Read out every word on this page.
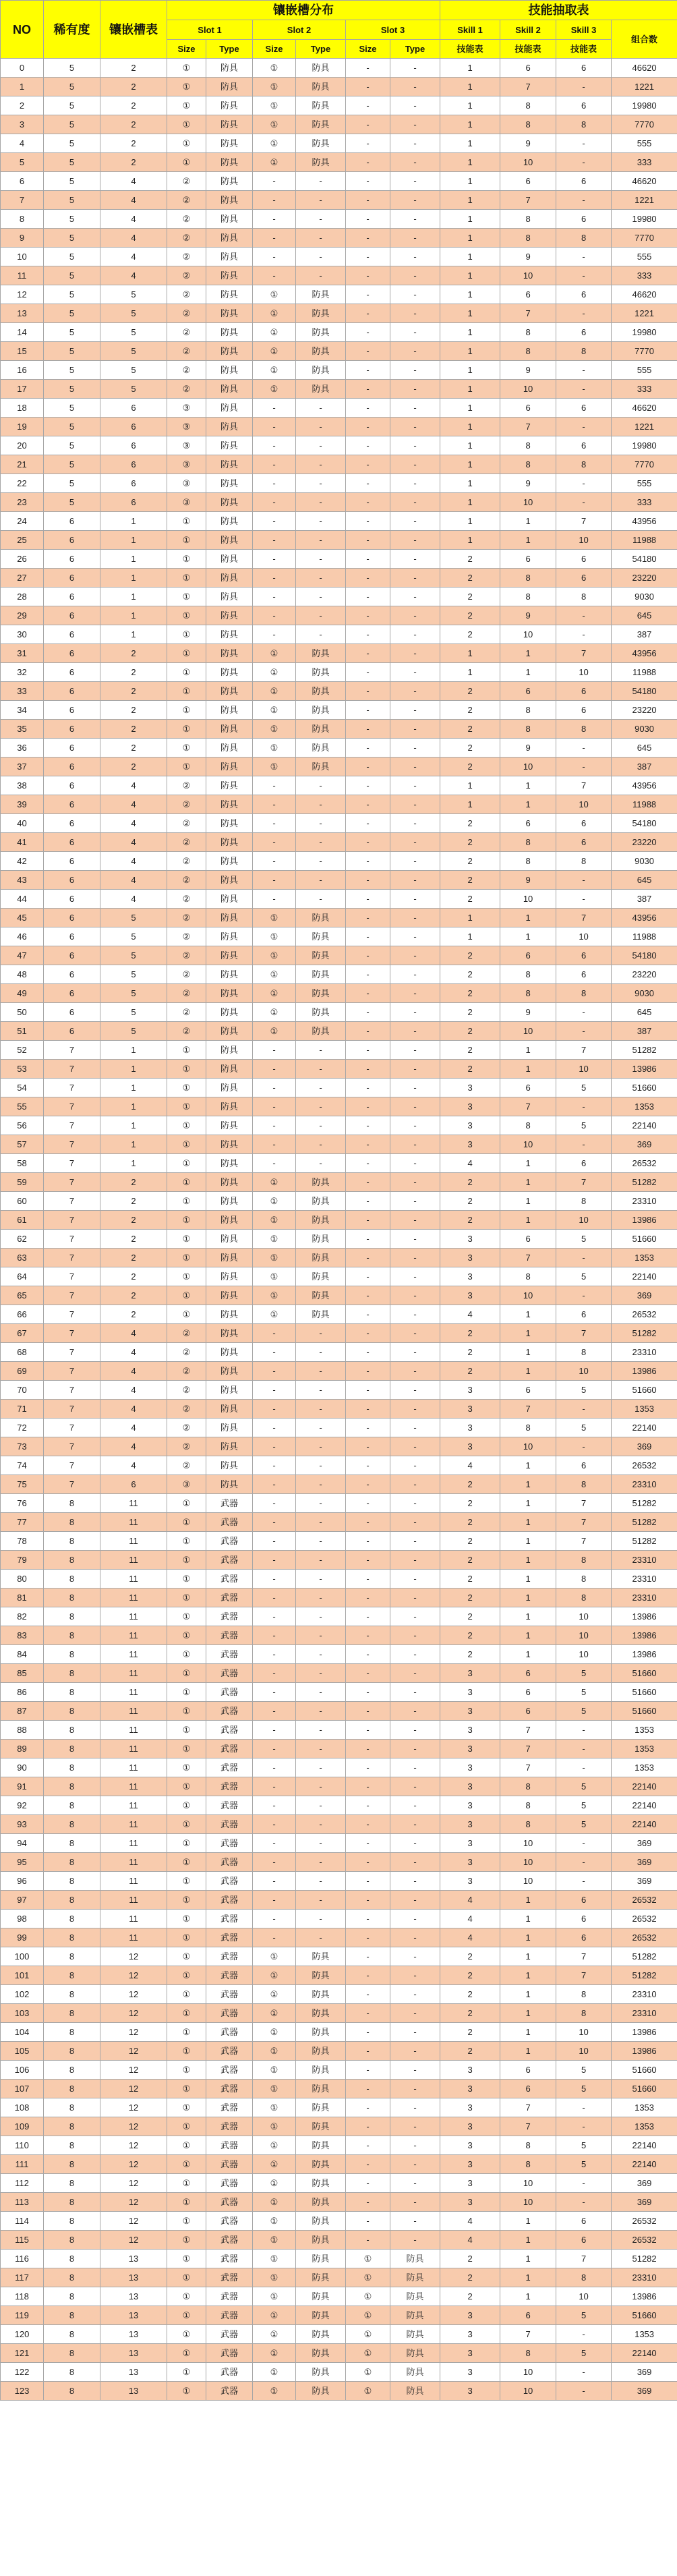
NO	稀有度	镶嵌槽表	镶嵌槽分布						技能抽取表			
			Slot 1		Slot 2		Slot 3		Skill 1	Skill 2	Skill 3	组合数
			Size	Type	Size	Type	Size	Type	技能表	技能表	技能表	
0	5	2	①	防具	①	防具	-	-	1	6	6	46620
1	5	2	①	防具	①	防具	-	-	1	7	-	1221
2	5	2	①	防具	①	防具	-	-	1	8	6	19980
3	5	2	①	防具	①	防具	-	-	1	8	8	7770
4	5	2	①	防具	①	防具	-	-	1	9	-	555
5	5	2	①	防具	①	防具	-	-	1	10	-	333
6	5	4	②	防具	-	-	-	-	1	6	6	46620
7	5	4	②	防具	-	-	-	-	1	7	-	1221
8	5	4	②	防具	-	-	-	-	1	8	6	19980
9	5	4	②	防具	-	-	-	-	1	8	8	7770
10	5	4	②	防具	-	-	-	-	1	9	-	555
11	5	4	②	防具	-	-	-	-	1	10	-	333
12	5	5	②	防具	①	防具	-	-	1	6	6	46620
13	5	5	②	防具	①	防具	-	-	1	7	-	1221
14	5	5	②	防具	①	防具	-	-	1	8	6	19980
15	5	5	②	防具	①	防具	-	-	1	8	8	7770
16	5	5	②	防具	①	防具	-	-	1	9	-	555
17	5	5	②	防具	①	防具	-	-	1	10	-	333
18	5	6	③	防具	-	-	-	-	1	6	6	46620
19	5	6	③	防具	-	-	-	-	1	7	-	1221
20	5	6	③	防具	-	-	-	-	1	8	6	19980
21	5	6	③	防具	-	-	-	-	1	8	8	7770
22	5	6	③	防具	-	-	-	-	1	9	-	555
23	5	6	③	防具	-	-	-	-	1	10	-	333
24	6	1	①	防具	-	-	-	-	1	1	7	43956
25	6	1	①	防具	-	-	-	-	1	1	10	11988
26	6	1	①	防具	-	-	-	-	2	6	6	54180
27	6	1	①	防具	-	-	-	-	2	8	6	23220
28	6	1	①	防具	-	-	-	-	2	8	8	9030
29	6	1	①	防具	-	-	-	-	2	9	-	645
30	6	1	①	防具	-	-	-	-	2	10	-	387
31	6	2	①	防具	①	防具	-	-	1	1	7	43956
32	6	2	①	防具	①	防具	-	-	1	1	10	11988
33	6	2	①	防具	①	防具	-	-	2	6	6	54180
34	6	2	①	防具	①	防具	-	-	2	8	6	23220
35	6	2	①	防具	①	防具	-	-	2	8	8	9030
36	6	2	①	防具	①	防具	-	-	2	9	-	645
37	6	2	①	防具	①	防具	-	-	2	10	-	387
38	6	4	②	防具	-	-	-	-	1	1	7	43956
39	6	4	②	防具	-	-	-	-	1	1	10	11988
40	6	4	②	防具	-	-	-	-	2	6	6	54180
41	6	4	②	防具	-	-	-	-	2	8	6	23220
42	6	4	②	防具	-	-	-	-	2	8	8	9030
43	6	4	②	防具	-	-	-	-	2	9	-	645
44	6	4	②	防具	-	-	-	-	2	10	-	387
45	6	5	②	防具	①	防具	-	-	1	1	7	43956
46	6	5	②	防具	①	防具	-	-	1	1	10	11988
47	6	5	②	防具	①	防具	-	-	2	6	6	54180
48	6	5	②	防具	①	防具	-	-	2	8	6	23220
49	6	5	②	防具	①	防具	-	-	2	8	8	9030
50	6	5	②	防具	①	防具	-	-	2	9	-	645
51	6	5	②	防具	①	防具	-	-	2	10	-	387
52	7	1	①	防具	-	-	-	-	2	1	7	51282
53	7	1	①	防具	-	-	-	-	2	1	10	13986
54	7	1	①	防具	-	-	-	-	3	6	5	51660
55	7	1	①	防具	-	-	-	-	3	7	-	1353
56	7	1	①	防具	-	-	-	-	3	8	5	22140
57	7	1	①	防具	-	-	-	-	3	10	-	369
58	7	1	①	防具	-	-	-	-	4	1	6	26532
59	7	2	①	防具	①	防具	-	-	2	1	7	51282
60	7	2	①	防具	①	防具	-	-	2	1	8	23310
61	7	2	①	防具	①	防具	-	-	2	1	10	13986
62	7	2	①	防具	①	防具	-	-	3	6	5	51660
63	7	2	①	防具	①	防具	-	-	3	7	-	1353
64	7	2	①	防具	①	防具	-	-	3	8	5	22140
65	7	2	①	防具	①	防具	-	-	3	10	-	369
66	7	2	①	防具	①	防具	-	-	4	1	6	26532
67	7	4	②	防具	-	-	-	-	2	1	7	51282
68	7	4	②	防具	-	-	-	-	2	1	8	23310
69	7	4	②	防具	-	-	-	-	2	1	10	13986
70	7	4	②	防具	-	-	-	-	3	6	5	51660
71	7	4	②	防具	-	-	-	-	3	7	-	1353
72	7	4	②	防具	-	-	-	-	3	8	5	22140
73	7	4	②	防具	-	-	-	-	3	10	-	369
74	7	4	②	防具	-	-	-	-	4	1	6	26532
75	7	6	③	防具	-	-	-	-	2	1	8	23310
76	8	11	①	武器	-	-	-	-	2	1	7	51282
77	8	11	①	武器	-	-	-	-	2	1	7	51282
78	8	11	①	武器	-	-	-	-	2	1	7	51282
79	8	11	①	武器	-	-	-	-	2	1	8	23310
80	8	11	①	武器	-	-	-	-	2	1	8	23310
81	8	11	①	武器	-	-	-	-	2	1	8	23310
82	8	11	①	武器	-	-	-	-	2	1	10	13986
83	8	11	①	武器	-	-	-	-	2	1	10	13986
84	8	11	①	武器	-	-	-	-	2	1	10	13986
85	8	11	①	武器	-	-	-	-	3	6	5	51660
86	8	11	①	武器	-	-	-	-	3	6	5	51660
87	8	11	①	武器	-	-	-	-	3	6	5	51660
88	8	11	①	武器	-	-	-	-	3	7	-	1353
89	8	11	①	武器	-	-	-	-	3	7	-	1353
90	8	11	①	武器	-	-	-	-	3	7	-	1353
91	8	11	①	武器	-	-	-	-	3	8	5	22140
92	8	11	①	武器	-	-	-	-	3	8	5	22140
93	8	11	①	武器	-	-	-	-	3	8	5	22140
94	8	11	①	武器	-	-	-	-	3	10	-	369
95	8	11	①	武器	-	-	-	-	3	10	-	369
96	8	11	①	武器	-	-	-	-	3	10	-	369
97	8	11	①	武器	-	-	-	-	4	1	6	26532
98	8	11	①	武器	-	-	-	-	4	1	6	26532
99	8	11	①	武器	-	-	-	-	4	1	6	26532
100	8	12	①	武器	①	防具	-	-	2	1	7	51282
101	8	12	①	武器	①	防具	-	-	2	1	7	51282
102	8	12	①	武器	①	防具	-	-	2	1	8	23310
103	8	12	①	武器	①	防具	-	-	2	1	8	23310
104	8	12	①	武器	①	防具	-	-	2	1	10	13986
105	8	12	①	武器	①	防具	-	-	2	1	10	13986
106	8	12	①	武器	①	防具	-	-	3	6	5	51660
107	8	12	①	武器	①	防具	-	-	3	6	5	51660
108	8	12	①	武器	①	防具	-	-	3	7	-	1353
109	8	12	①	武器	①	防具	-	-	3	7	-	1353
110	8	12	①	武器	①	防具	-	-	3	8	5	22140
111	8	12	①	武器	①	防具	-	-	3	8	5	22140
112	8	12	①	武器	①	防具	-	-	3	10	-	369
113	8	12	①	武器	①	防具	-	-	3	10	-	369
114	8	12	①	武器	①	防具	-	-	4	1	6	26532
115	8	12	①	武器	①	防具	-	-	4	1	6	26532
116	8	13	①	武器	①	防具	①	防具	2	1	7	51282
117	8	13	①	武器	①	防具	①	防具	2	1	8	23310
118	8	13	①	武器	①	防具	①	防具	2	1	10	13986
119	8	13	①	武器	①	防具	①	防具	3	6	5	51660
120	8	13	①	武器	①	防具	①	防具	3	7	-	1353
121	8	13	①	武器	①	防具	①	防具	3	8	5	22140
122	8	13	①	武器	①	防具	①	防具	3	10	-	369
123	8	13	①	武器	①	防具	①	防具	3	10	-	369
